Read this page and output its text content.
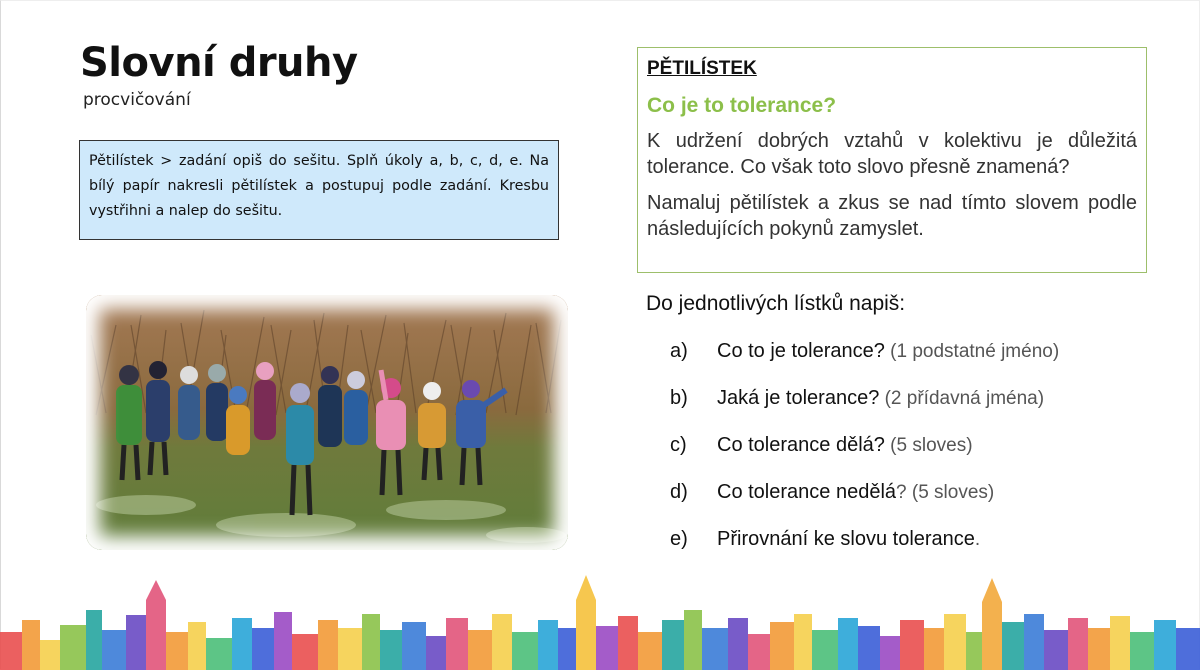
Slovní druhy
procvičování
Pětilístek > zadání opiš do sešitu. Splň úkoly a, b, c, d, e. Na bílý papír nakresli pětilístek a postupuj podle zadání. Kresbu vystřihni a nalep do sešitu.
PĚTILÍSTEK
Co je to tolerance?
K udržení dobrých vztahů v kolektivu je důležitá tolerance. Co však toto slovo přesně znamená?
Namaluj pětilístek a zkus se nad tímto slovem podle následujících pokynů zamyslet.
Do jednotlivých lístků napiš:
a)	Co to je tolerance? (1 podstatné jméno)
b)	Jaká je tolerance? (2 přídavná jména)
c)	Co tolerance dělá? (5 sloves)
d)	Co tolerance nedělá? (5 sloves)
e)	Přirovnání ke slovu tolerance.
